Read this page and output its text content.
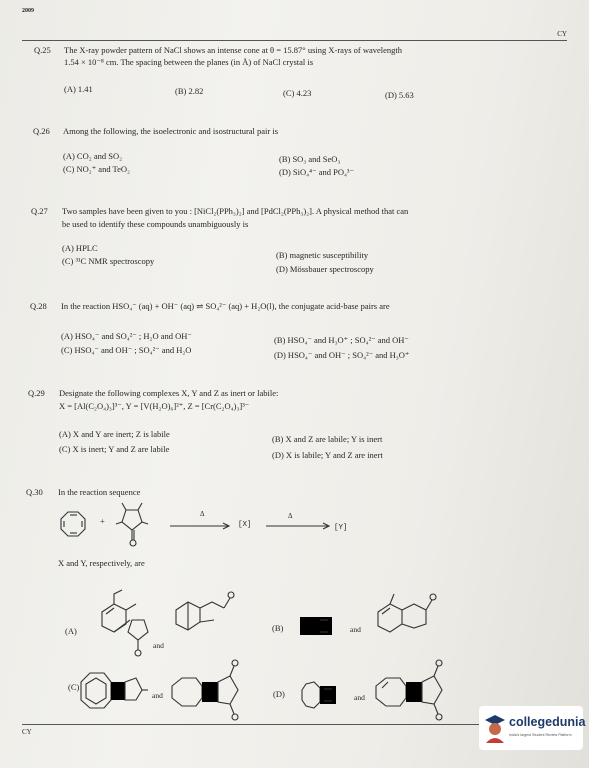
2009
CY
Q.25 The X-ray powder pattern of NaCl shows an intense cone at θ = 15.87° using X-rays of wavelength
1.54 × 10⁻⁸ cm. The spacing between the planes (in Å) of NaCl crystal is
(A) 1.41	(B) 2.82	(C) 4.23	(D) 5.63
Q.26 Among the following, the isoelectronic and isostructural pair is
(A) CO₂ and SO₂	(B) SO₃ and SeO₃
(C) NO₂⁺ and TeO₂	(D) SiO₄⁴⁻ and PO₄³⁻
Q.27 Two samples have been given to you : [NiCl₂(PPh₃)₂] and [PdCl₂(PPh₃)₂]. A physical method that can
be used to identify these compounds unambiguously is
(A) HPLC
(B) magnetic susceptibility
(C) ³¹C NMR spectroscopy
(D) Mössbauer spectroscopy
Q.28 In the reaction HSO₄⁻ (aq) + OH⁻ (aq) ⇌ SO₄²⁻ (aq) + H₂O(l), the conjugate acid-base pairs are
(A) HSO₄⁻ and SO₄²⁻ ; H₂O and OH⁻	(B) HSO₄⁻ and H₃O⁺ ; SO₄²⁻ and OH⁻
(C) HSO₄⁻ and OH⁻ ; SO₄²⁻ and H₂O	(D) HSO₄⁻ and OH⁻ ; SO₄²⁻ and H₃O⁺
Q.29 Designate the following complexes X, Y and Z as inert or labile:
X = [Al(C₂O₄)₃]³⁻, Y = [V(H₂O)₆]²⁺, Z = [Cr(C₂O₄)₃]³⁻
(A) X and Y are inert; Z is labile	(B) X and Z are labile; Y is inert
(C) X is inert; Y and Z are labile
(D) X is labile; Y and Z are inert
Q.30 In the reaction sequence
+
Δ
[X]
Δ
[Y]
X and Y, respectively, are
(A)
and
(B)	and
(C)
and	(D)	and
CY
collegedunia
India's largest Student Review Platform
